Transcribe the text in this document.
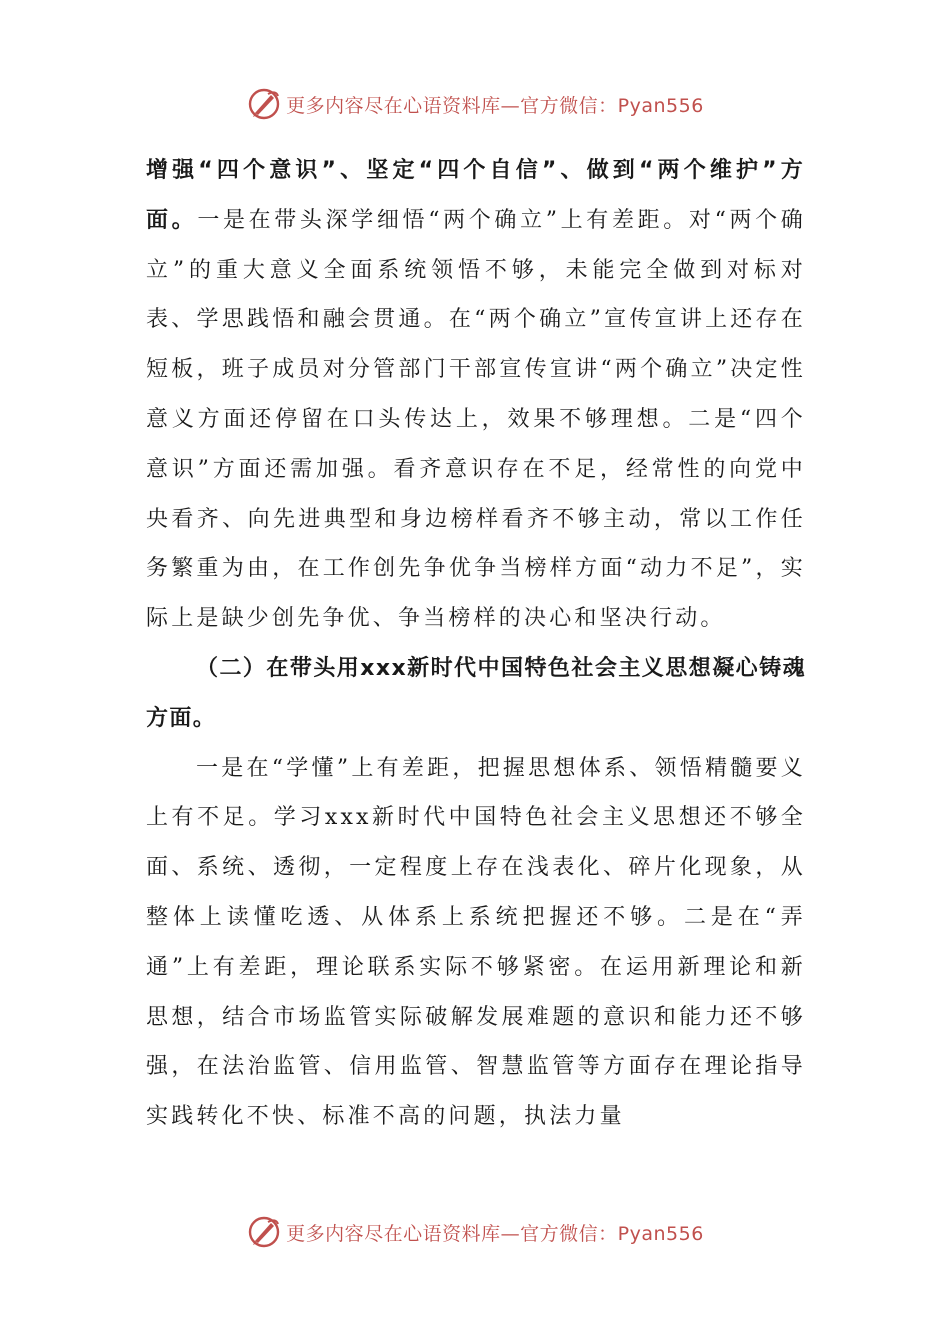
更多内容尽在心语资料库—官方微信：Pyan556

增强“四个意识”、坚定“四个自信”、做到“两个维护”方面。一是在带头深学细悟“两个确立”上有差距。对“两个确立”的重大意义全面系统领悟不够，未能完全做到对标对表、学思践悟和融会贯通。在“两个确立”宣传宣讲上还存在短板，班子成员对分管部门干部宣传宣讲“两个确立”决定性意义方面还停留在口头传达上，效果不够理想。二是“四个意识”方面还需加强。看齐意识存在不足，经常性的向党中央看齐、向先进典型和身边榜样看齐不够主动，常以工作任务繁重为由，在工作创先争优争当榜样方面“动力不足”，实际上是缺少创先争优、争当榜样的决心和坚决行动。

（二）在带头用xxx新时代中国特色社会主义思想凝心铸魂方面。

一是在“学懂”上有差距，把握思想体系、领悟精髓要义上有不足。学习xxx新时代中国特色社会主义思想还不够全面、系统、透彻，一定程度上存在浅表化、碎片化现象，从整体上读懂吃透、从体系上系统把握还不够。二是在“弄通”上有差距，理论联系实际不够紧密。在运用新理论和新思想，结合市场监管实际破解发展难题的意识和能力还不够强，在法治监管、信用监管、智慧监管等方面存在理论指导实践转化不快、标准不高的问题，执法力量

更多内容尽在心语资料库—官方微信：Pyan556
